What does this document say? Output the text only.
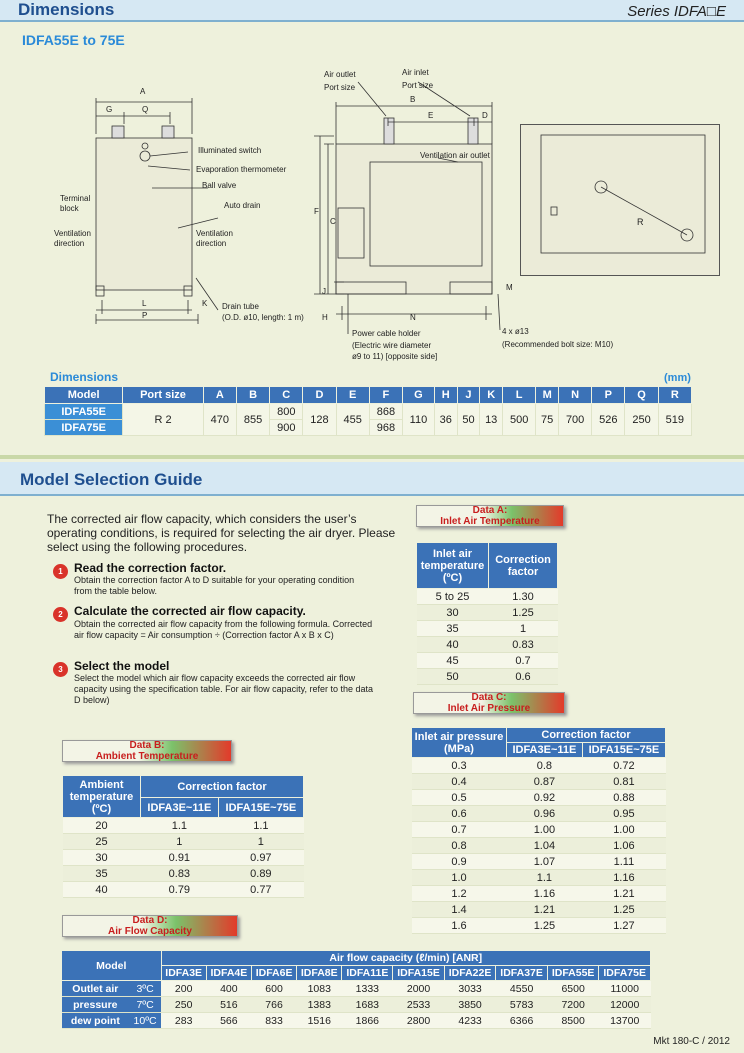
Dimensions	Series IDFA□E
IDFA55E to 75E
A
G	Q
B
E	D
C
F
H
J
K
L
P	N
M
Illuminated switch
Evaporation thermometer
Ball valve
Auto drain
Terminal
block
Ventilation
direction
Ventilation
direction
Drain tube
(O.D. ø10, length: 1 m)
Air outlet
Port size
Air inlet
Port size
Ventilation air outlet
Power cable holder
(Electric wire diameter
ø9 to 11) [opposite side]
4 x ø13
(Recommended bolt size: M10)
R
Dimensions	(mm)
Model	Port size	A	B	C	D	E	F	G	H	J	K	L	M	N	P	Q	R
IDFA55E	R 2	470	855	800	128	455	868	110	36	50	13	500	75	700	526	250	519
IDFA75E				900			968										
Model Selection Guide
The corrected air flow capacity, which considers the user’s operating conditions, is required for selecting the air dryer. Please select using the following procedures.
1 Read the correction factor.
Obtain the correction factor A to D suitable for your operating condition from the table below.
2 Calculate the corrected air flow capacity.
Obtain the corrected air flow capacity from the following formula. Corrected air flow capacity = Air consumption ÷ (Correction factor A x B x C)
3 Select the model
Select the model which air flow capacity exceeds the corrected air flow capacity using the specification table. For air flow capacity, refer to the data D below)
Data A:
Inlet Air Temperature
Inlet air temperature (ºC)	Correction factor
5 to 25	1.30
30	1.25
35	1
40	0.83
45	0.7
50	0.6
Data C:
Inlet Air Pressure
Inlet air pressure (MPa)	Correction factor	
	IDFA3E~11E	IDFA15E~75E
0.3	0.8	0.72
0.4	0.87	0.81
0.5	0.92	0.88
0.6	0.96	0.95
0.7	1.00	1.00
0.8	1.04	1.06
0.9	1.07	1.11
1.0	1.1	1.16
1.2	1.16	1.21
1.4	1.21	1.25
1.6	1.25	1.27
Data B:
Ambient Temperature
Ambient temperature (ºC)	Correction factor	
	IDFA3E~11E	IDFA15E~75E
20	1.1	1.1
25	1	1
30	0.91	0.97
35	0.83	0.89
40	0.79	0.77
Data D:
Air Flow Capacity
Model		Air flow capacity (ℓ/min) [ANR]									
		IDFA3E	IDFA4E	IDFA6E	IDFA8E	IDFA11E	IDFA15E	IDFA22E	IDFA37E	IDFA55E	IDFA75E
Outlet air	3ºC	200	400	600	1083	1333	2000	3033	4550	6500	11000
pressure	7ºC	250	516	766	1383	1683	2533	3850	5783	7200	12000
dew point	10ºC	283	566	833	1516	1866	2800	4233	6366	8500	13700
Mkt 180-C / 2012
